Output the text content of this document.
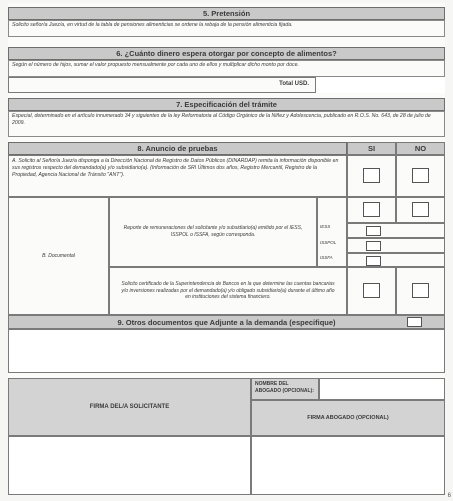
5. Pretensión
Solicito señor/a Juez/a, en virtud de la tabla de pensiones alimenticias se ordene la rebaja de la pensión alimenticia fijada.
6. ¿Cuánto dinero espera otorgar por concepto de alimentos?
Según el número de hijos, sumar el valor propuesto mensualmente por cada uno de ellos y multiplicar dicho monto por doce.
Total USD.
7. Especificación del trámite
Especial, determinado en el artículo innumerado 34 y siguientes de la ley Reformatoria al Código Orgánico de la Niñez y Adolescencia, publicado en R.O.S. No. 643, de 28 de julio de 2009.
8. Anuncio de pruebas	SI	NO
A. Solicito al Señor/a Juez/a disponga a la Dirección Nacional de Registro de Datos Públicos (DINARDAP) remita la información disponible en sus registros respecto del demandado(a) y/o subsidiario(a). (Información de SRI Últimos dos años, Registro Mercantil, Registro de la Propiedad, Agencia Nacional de Tránsito "ANT").
B. Documental
Reporte de remuneraciones del solicitante y/o subsidiario(a) emitido por el IESS, ISSPOL o ISSFA, según corresponda.
IESS
ISSPOL
ISSFA
Solicito certificado de la Superintendencia de Bancos en la que determine las cuentas bancarias y/o inversiones realizadas por el demandado(a) y/o obligado subsidiario(a) durante el último año en instituciones del sistema financiero.
9. Otros documentos que Adjunte a la demanda (especifique)
FIRMA DEL/A SOLICITANTE
NOMBRE DEL ABOGADO (OPCIONAL):
FIRMA ABOGADO (OPCIONAL)
6
